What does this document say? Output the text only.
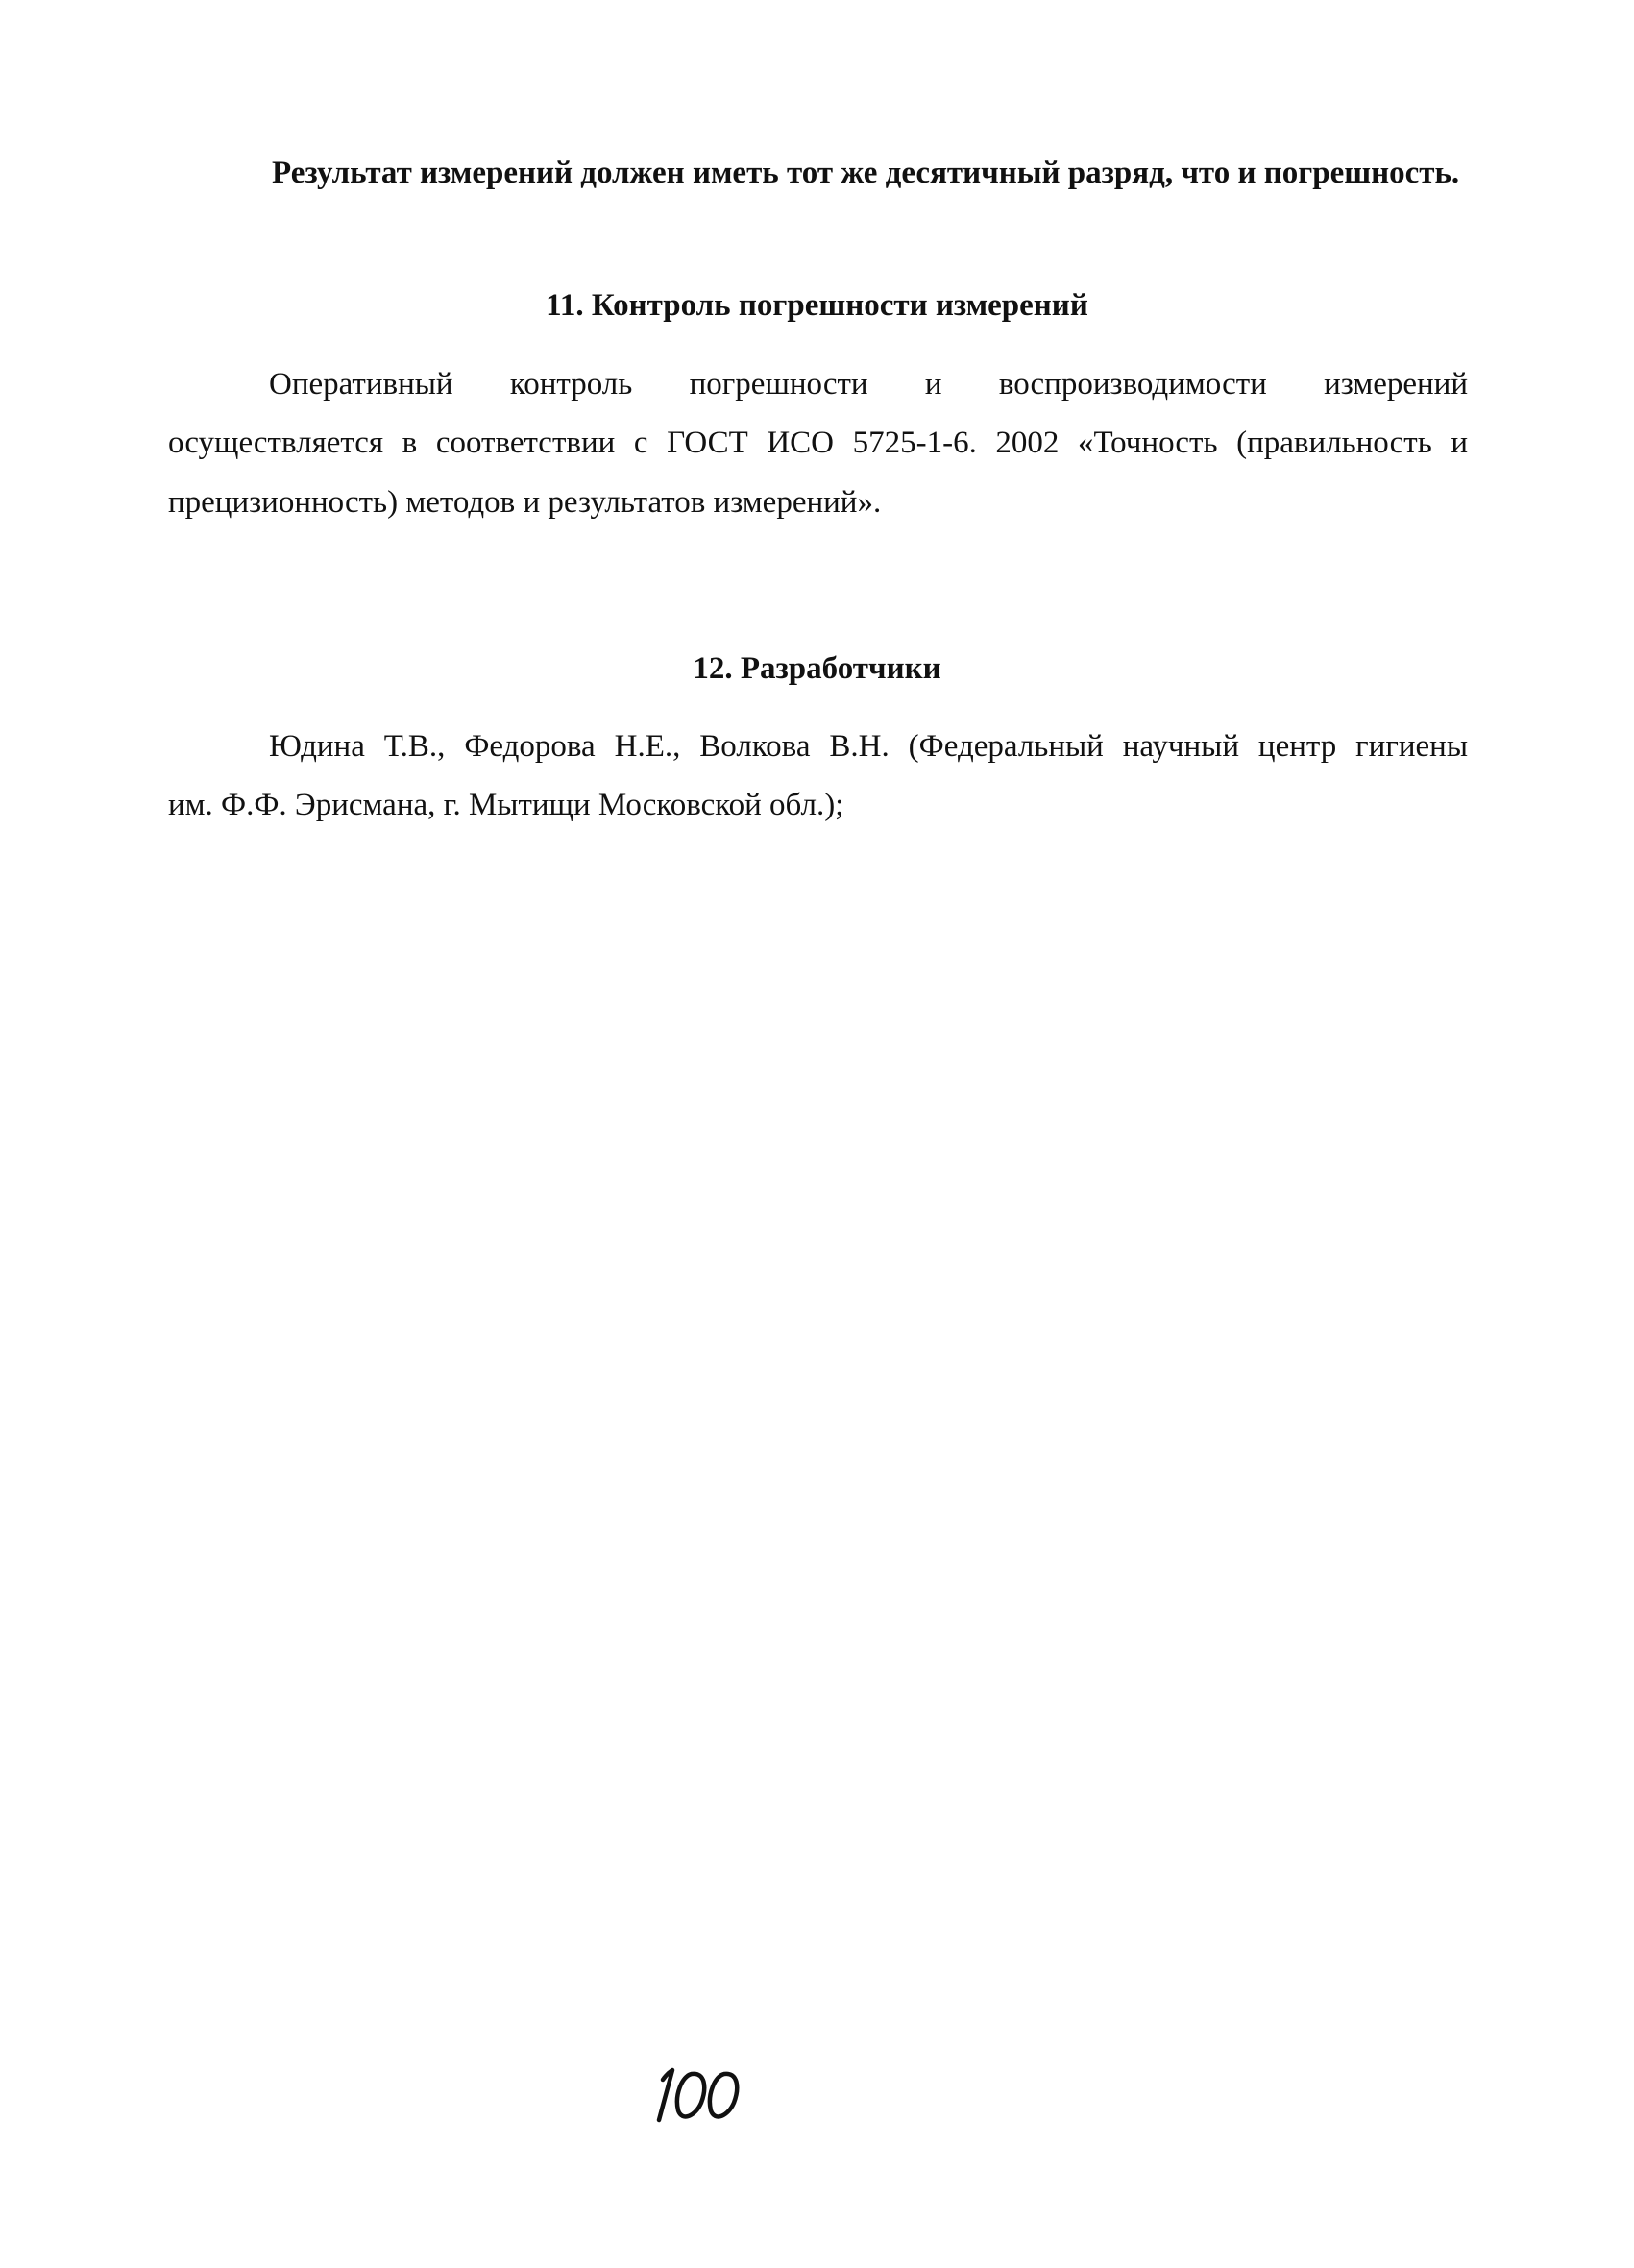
Результат измерений должен иметь тот же десятичный разряд, что и погрешность.
11. Контроль погрешности измерений
Оперативный контроль погрешности и воспроизводимости измерений
осуществляется в соответствии с ГОСТ ИСО 5725-1-6. 2002 «Точность (правильность и
прецизионность) методов и результатов измерений».
12. Разработчики
Юдина Т.В., Федорова Н.Е., Волкова В.Н. (Федеральный научный центр гигиены
им. Ф.Ф. Эрисмана, г. Мытищи Московской обл.);
